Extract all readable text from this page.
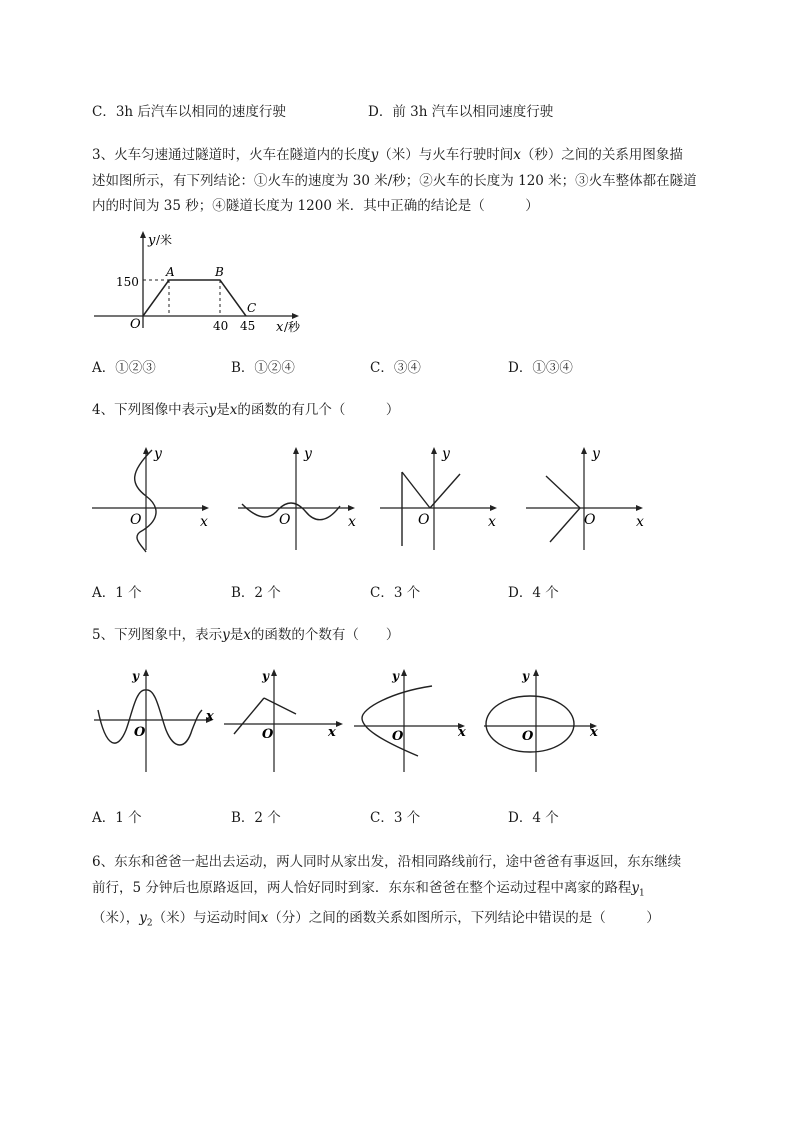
C．3h 后汽车以相同的速度行驶	D．前 3h 汽车以相同速度行驶
3、火车匀速通过隧道时，火车在隧道内的长度y（米）与火车行驶时间x（秒）之间的关系用图象描
述如图所示，有下列结论：①火车的速度为 30 米/秒；②火车的长度为 120 米；③火车整体都在隧道
内的时间为 35 秒；④隧道长度为 1200 米．其中正确的结论是（　　　）
y /米
150
A	B
C
O	40 45 x /秒
A．①②③	B．①②④	C．③④	D．①③④
4、下列图像中表示y是x的函数的有几个（　　　）
y
O	x
y
O	x
y
O	x
y
O	x
A．1 个	B．2 个	C．3 个	D．4 个
5、下列图象中，表示y是x的函数的个数有（　　）
y
O
x
y
O	x
y
O	x
y
O	x
A．1 个	B．2 个	C．3 个	D．4 个
6、东东和爸爸一起出去运动，两人同时从家出发，沿相同路线前行，途中爸爸有事返回，东东继续
前行，5 分钟后也原路返回，两人恰好同时到家．东东和爸爸在整个运动过程中离家的路程$y_1$
（米），$y_2$（米）与运动时间x（分）之间的函数关系如图所示，下列结论中错误的是（　　　）
